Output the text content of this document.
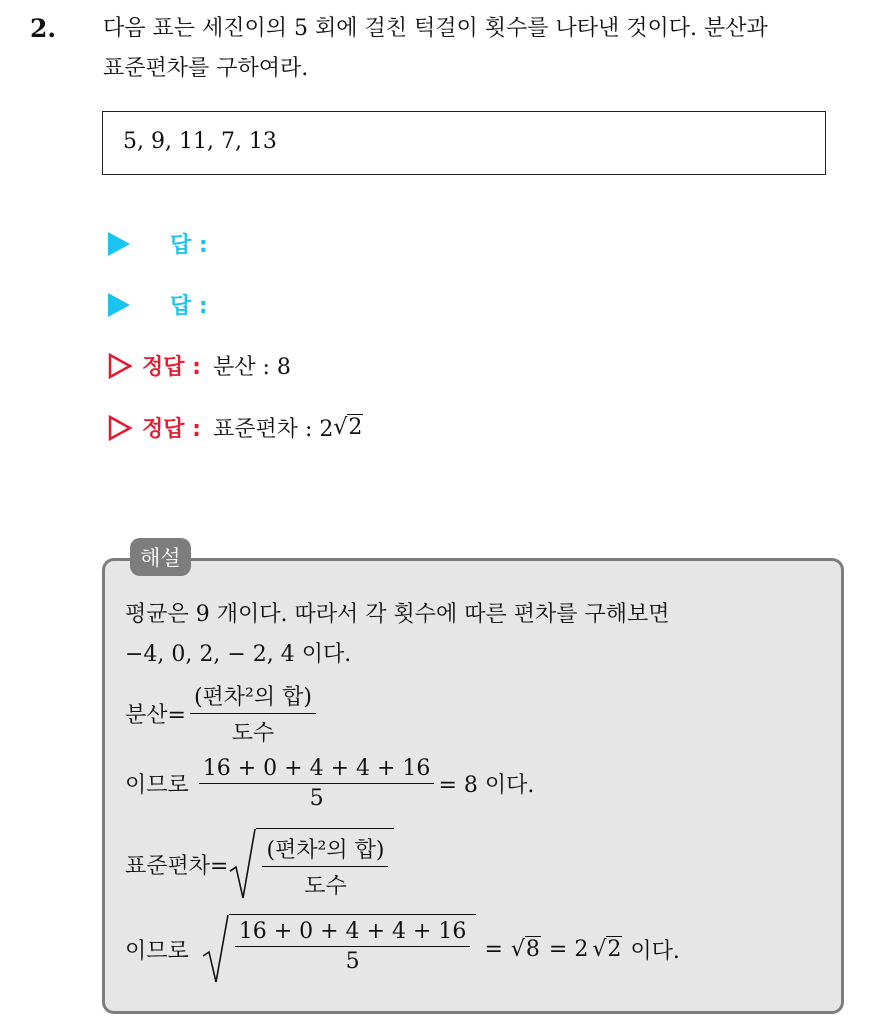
2. 다음 표는 세진이의 5 회에 걸친 턱걸이 횟수를 나타낸 것이다. 분산과
표준편차를 구하여라.
5, 9, 11, 7, 13
답 :
답 :
정답 : 분산 : 8
정답 : 표준편차 : 2 √2
해설
평균은 9 개이다. 따라서 각 횟수에 따른 편차를 구해보면
−4, 0, 2, − 2, 4 이다.
분산= $\frac{\text{(편차²의 합)}}{\text{도수}}$
이므로 $\frac{16 + 0 + 4 + 4 + 16}{5} = 8$ 이다.
표준편차= $\frac{\text{(편차²의 합)}}{\text{도수}}$
이므로 $\frac{16 + 0 + 4 + 4 + 16}{5} = √8 = 2$ √2 이다.
